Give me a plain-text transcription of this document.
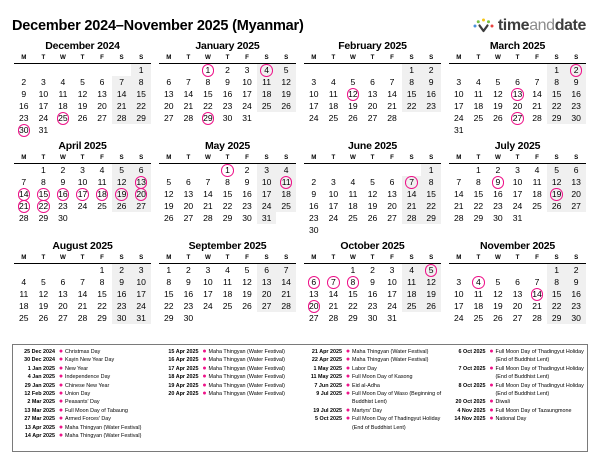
December 2024–November 2025 (Myanmar)	timeanddate
December 2024
M	T	W	T	F	S	S
						1
2	3	4	5	6	7	8
9	10	11	12	13	14	15
16	17	18	19	20	21	22
23	24	25	26	27	28	29
30	31					
January 2025
M	T	W	T	F	S	S
		1	2	3	4	5
6	7	8	9	10	11	12
13	14	15	16	17	18	19
20	21	22	23	24	25	26
27	28	29	30	31		
February 2025
M	T	W	T	F	S	S
					1	2
3	4	5	6	7	8	9
10	11	12	13	14	15	16
17	18	19	20	21	22	23
24	25	26	27	28		
March 2025
M	T	W	T	F	S	S
					1	2
3	4	5	6	7	8	9
10	11	12	13	14	15	16
17	18	19	20	21	22	23
24	25	26	27	28	29	30
31						
April 2025
M	T	W	T	F	S	S
	1	2	3	4	5	6
7	8	9	10	11	12	13
14	15	16	17	18	19	20
21	22	23	24	25	26	27
28	29	30				
May 2025
M	T	W	T	F	S	S
			1	2	3	4
5	6	7	8	9	10	11
12	13	14	15	16	17	18
19	20	21	22	23	24	25
26	27	28	29	30	31	
June 2025
M	T	W	T	F	S	S
						1
2	3	4	5	6	7	8
9	10	11	12	13	14	15
16	17	18	19	20	21	22
23	24	25	26	27	28	29
30						
July 2025
M	T	W	T	F	S	S
	1	2	3	4	5	6
7	8	9	10	11	12	13
14	15	16	17	18	19	20
21	22	23	24	25	26	27
28	29	30	31			
August 2025
M	T	W	T	F	S	S
				1	2	3
4	5	6	7	8	9	10
11	12	13	14	15	16	17
18	19	20	21	22	23	24
25	26	27	28	29	30	31
September 2025
M	T	W	T	F	S	S
1	2	3	4	5	6	7
8	9	10	11	12	13	14
15	16	17	18	19	20	21
22	23	24	25	26	27	28
29	30					
October 2025
M	T	W	T	F	S	S
		1	2	3	4	5
6	7	8	9	10	11	12
13	14	15	16	17	18	19
20	21	22	23	24	25	26
27	28	29	30	31		
November 2025
M	T	W	T	F	S	S
					1	2
3	4	5	6	7	8	9
10	11	12	13	14	15	16
17	18	19	20	21	22	23
24	25	26	27	28	29	30
25 Dec 2024 ● Christmas Day
30 Dec 2024 ● Kayin New Year Day
1 Jan 2025 ● New Year
4 Jan 2025 ● Independence Day
29 Jan 2025 ● Chinese New Year
12 Feb 2025 ● Union Day
2 Mar 2025 ● Peasants' Day
13 Mar 2025 ● Full Moon Day of Tabaung
27 Mar 2025 ● Armed Forces' Day
13 Apr 2025 ● Maha Thingyan (Water Festival)
14 Apr 2025 ● Maha Thingyan (Water Festival)
15 Apr 2025 ● Maha Thingyan (Water Festival)
16 Apr 2025 ● Maha Thingyan (Water Festival)
17 Apr 2025 ● Maha Thingyan (Water Festival)
18 Apr 2025 ● Maha Thingyan (Water Festival)
19 Apr 2025 ● Maha Thingyan (Water Festival)
20 Apr 2025 ● Maha Thingyan (Water Festival)
21 Apr 2025 ● Maha Thingyan (Water Festival)
22 Apr 2025 ● Maha Thingyan (Water Festival)
1 May 2025 ● Labor Day
11 May 2025 ● Full Moon Day of Kasong
7 Jun 2025 ● Eid al-Adha
9 Jul 2025 ● Full Moon Day of Waso (Beginning of Buddhist Lent)
19 Jul 2025 ● Martyrs' Day
5 Oct 2025 ● Full Moon Day of Thadingyut Holiday (End of Buddhist Lent)
6 Oct 2025 ● Full Moon Day of Thadingyut Holiday (End of Buddhist Lent)
7 Oct 2025 ● Full Moon Day of Thadingyut Holiday (End of Buddhist Lent)
8 Oct 2025 ● Full Moon Day of Thadingyut Holiday (End of Buddhist Lent)
20 Oct 2025 ● Diwali
4 Nov 2025 ● Full Moon Day of Tazaungmone
14 Nov 2025 ● National Day
